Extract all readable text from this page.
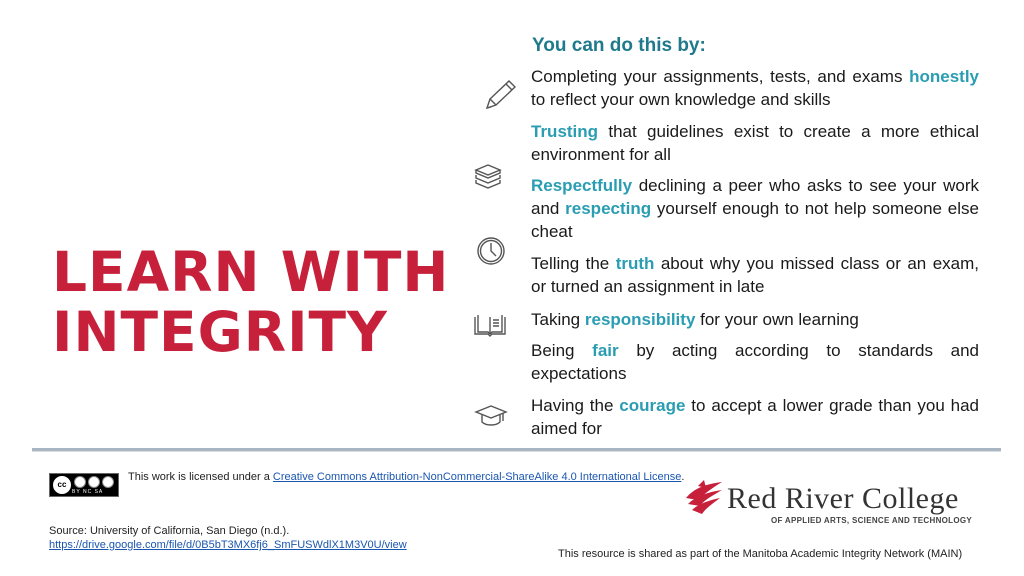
LEARN WITH
INTEGRITY
You can do this by:
Completing your assignments, tests, and exams honestly to reflect your own knowledge and skills
Trusting that guidelines exist to create a more ethical environment for all
Respectfully declining a peer who asks to see your work and respecting yourself enough to not help someone else cheat
Telling the truth about why you missed class or an exam, or turned an assignment in late
Taking responsibility for your own learning
Being fair by acting according to standards and expectations
Having the courage to accept a lower grade than you had aimed for
cc
BY NC SA
This work is licensed under a Creative Commons Attribution-NonCommercial-ShareAlike 4.0 International License.
Source: University of California, San Diego (n.d.).
https://drive.google.com/file/d/0B5bT3MX6fj6_SmFUSWdlX1M3V0U/view
Red River College
OF APPLIED ARTS, SCIENCE AND TECHNOLOGY
This resource is shared as part of the Manitoba Academic Integrity Network (MAIN)
